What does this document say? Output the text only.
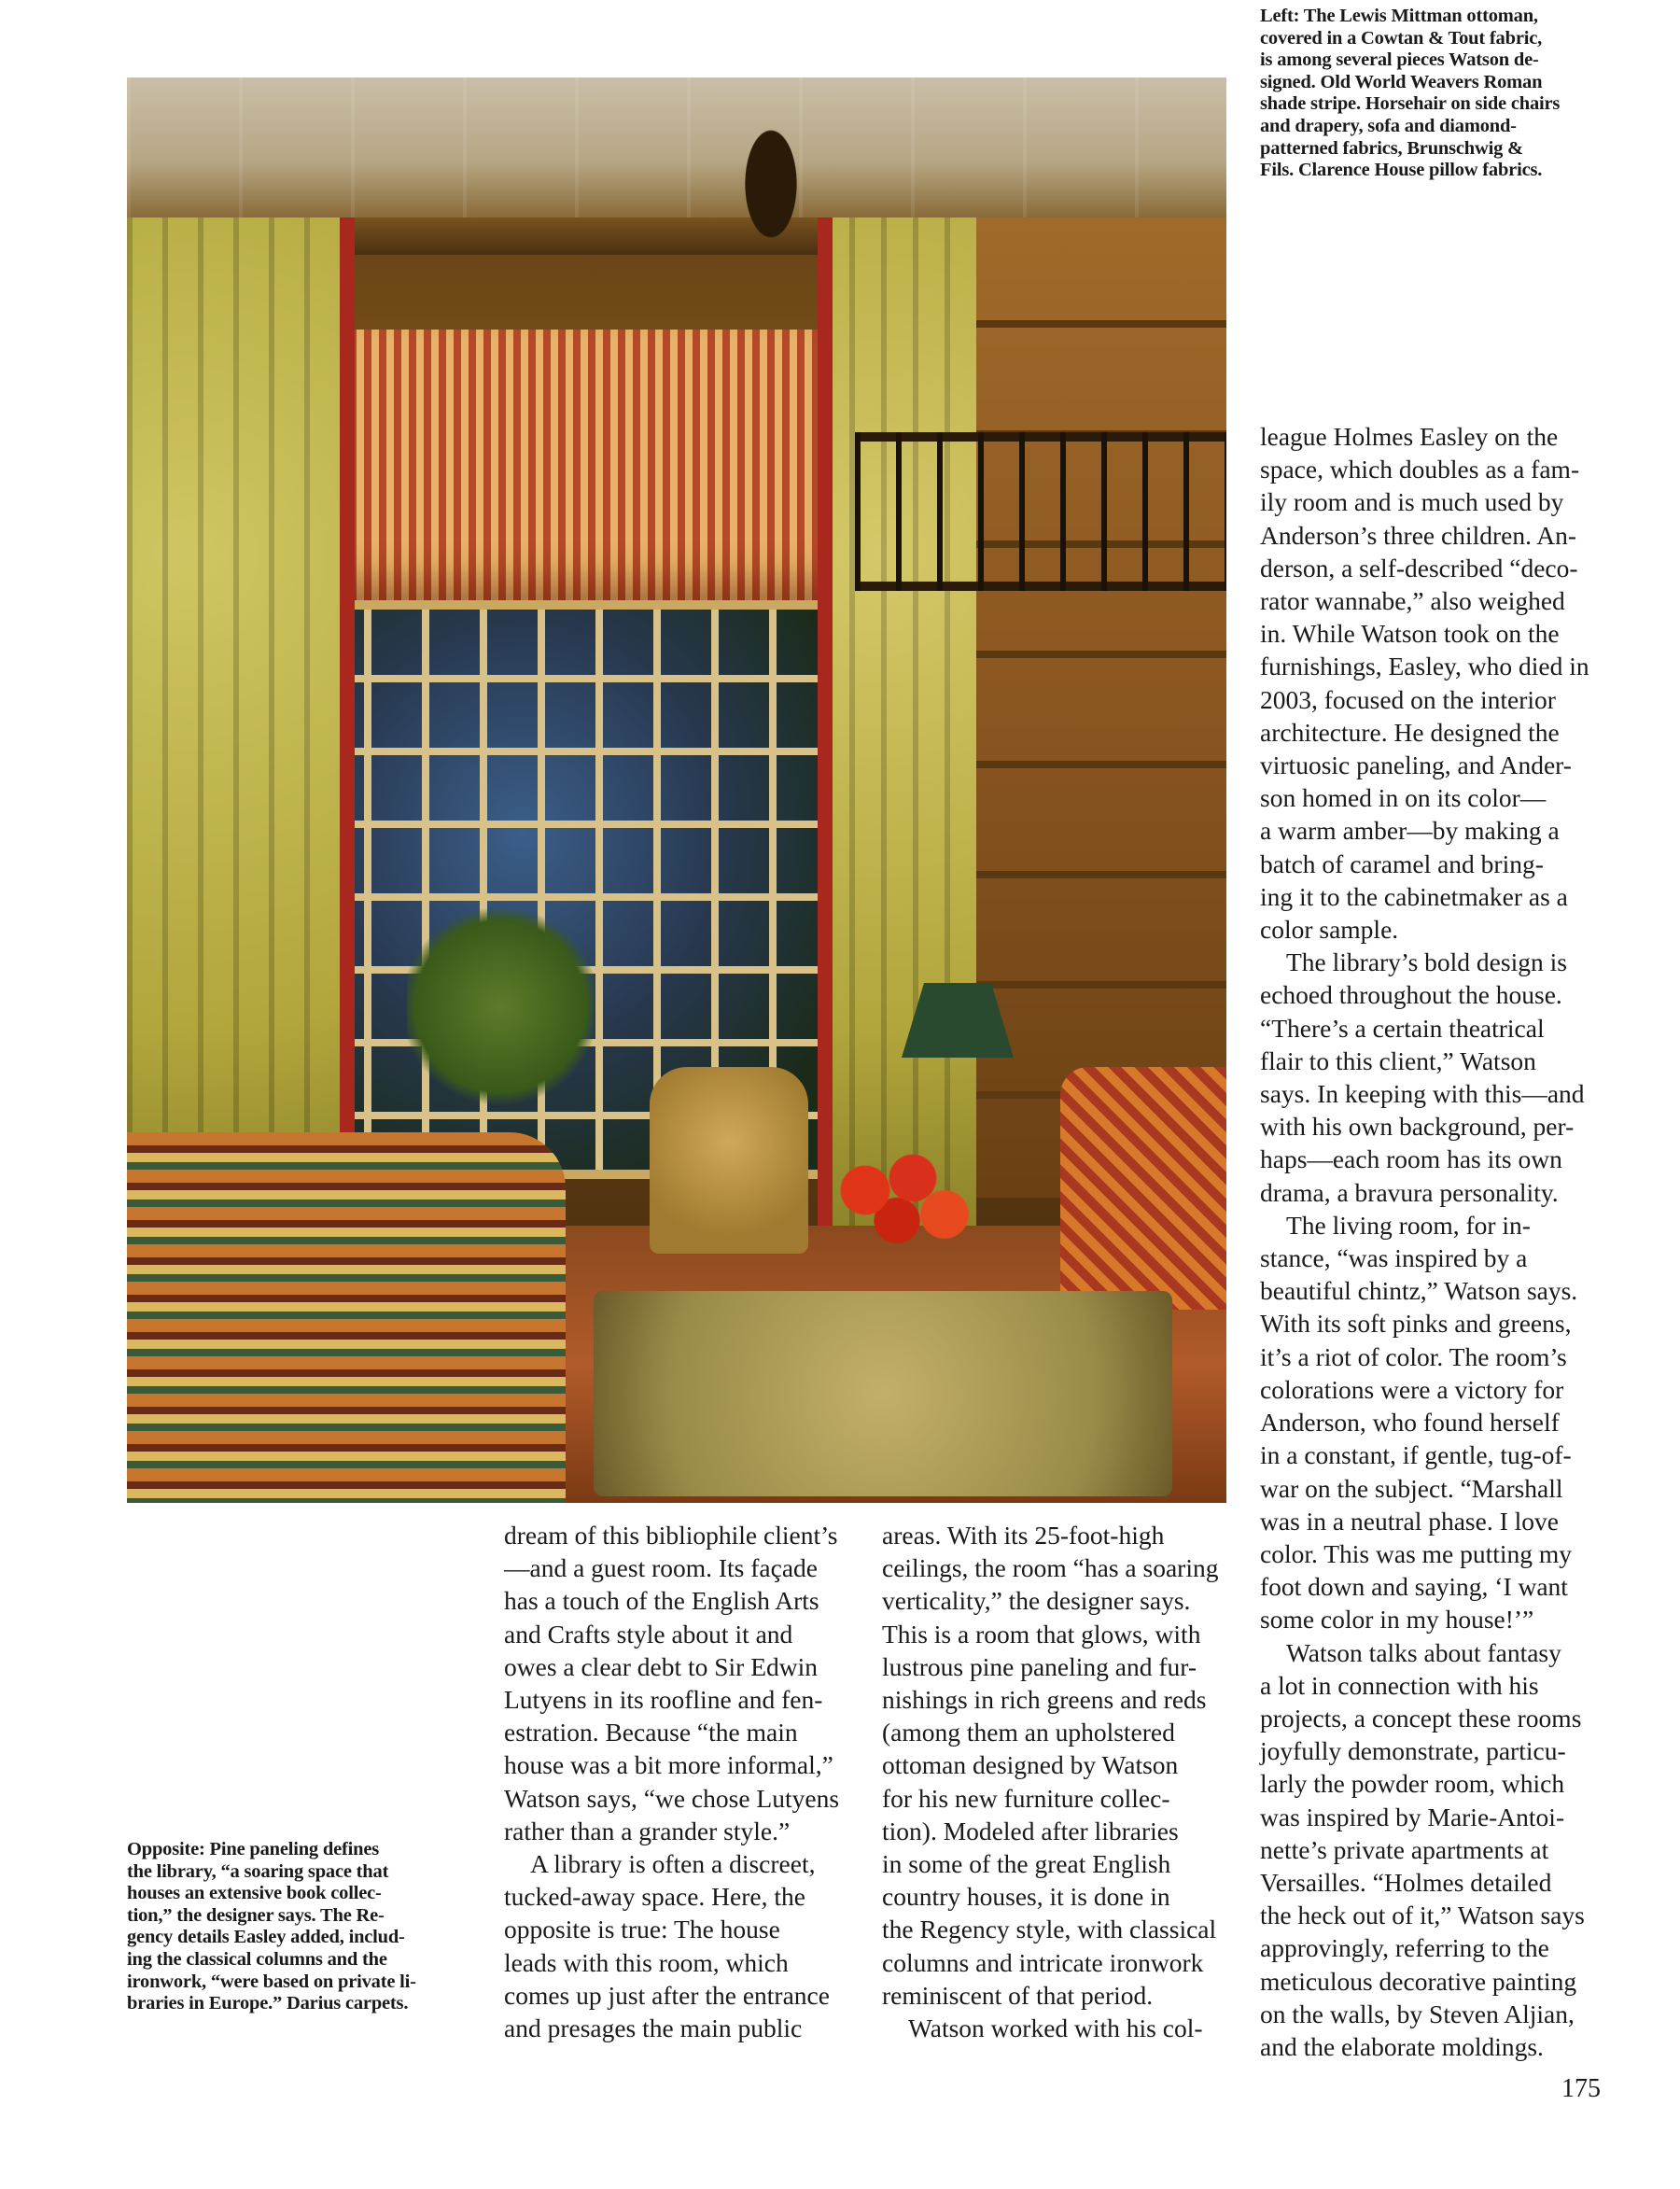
Left: The Lewis Mittman ottoman,
covered in a Cowtan & Tout fabric,
is among several pieces Watson de-
signed. Old World Weavers Roman
shade stripe. Horsehair on side chairs
and drapery, sofa and diamond-
patterned fabrics, Brunschwig &
Fils. Clarence House pillow fabrics.
Opposite: Pine paneling defines
the library, “a soaring space that
houses an extensive book collec-
tion,” the designer says. The Re-
gency details Easley added, includ-
ing the classical columns and the
ironwork, “were based on private li-
braries in Europe.” Darius carpets.
dream of this bibliophile client’s
—and a guest room. Its façade
has a touch of the English Arts
and Crafts style about it and
owes a clear debt to Sir Edwin
Lutyens in its roofline and fen-
estration. Because “the main
house was a bit more informal,”
Watson says, “we chose Lutyens
rather than a grander style.”
A library is often a discreet,
tucked-away space. Here, the
opposite is true: The house
leads with this room, which
comes up just after the entrance
and presages the main public
areas. With its 25-foot-high
ceilings, the room “has a soaring
verticality,” the designer says.
This is a room that glows, with
lustrous pine paneling and fur-
nishings in rich greens and reds
(among them an upholstered
ottoman designed by Watson
for his new furniture collec-
tion). Modeled after libraries
in some of the great English
country houses, it is done in
the Regency style, with classical
columns and intricate ironwork
reminiscent of that period.
Watson worked with his col-
league Holmes Easley on the
space, which doubles as a fam-
ily room and is much used by
Anderson’s three children. An-
derson, a self-described “deco-
rator wannabe,” also weighed
in. While Watson took on the
furnishings, Easley, who died in
2003, focused on the interior
architecture. He designed the
virtuosic paneling, and Ander-
son homed in on its color—
a warm amber—by making a
batch of caramel and bring-
ing it to the cabinetmaker as a
color sample.
The library’s bold design is
echoed throughout the house.
“There’s a certain theatrical
flair to this client,” Watson
says. In keeping with this—and
with his own background, per-
haps—each room has its own
drama, a bravura personality.
The living room, for in-
stance, “was inspired by a
beautiful chintz,” Watson says.
With its soft pinks and greens,
it’s a riot of color. The room’s
colorations were a victory for
Anderson, who found herself
in a constant, if gentle, tug-of-
war on the subject. “Marshall
was in a neutral phase. I love
color. This was me putting my
foot down and saying, ‘I want
some color in my house!’”
Watson talks about fantasy
a lot in connection with his
projects, a concept these rooms
joyfully demonstrate, particu-
larly the powder room, which
was inspired by Marie-Antoi-
nette’s private apartments at
Versailles. “Holmes detailed
the heck out of it,” Watson says
approvingly, referring to the
meticulous decorative painting
on the walls, by Steven Aljian,
and the elaborate moldings.
175
